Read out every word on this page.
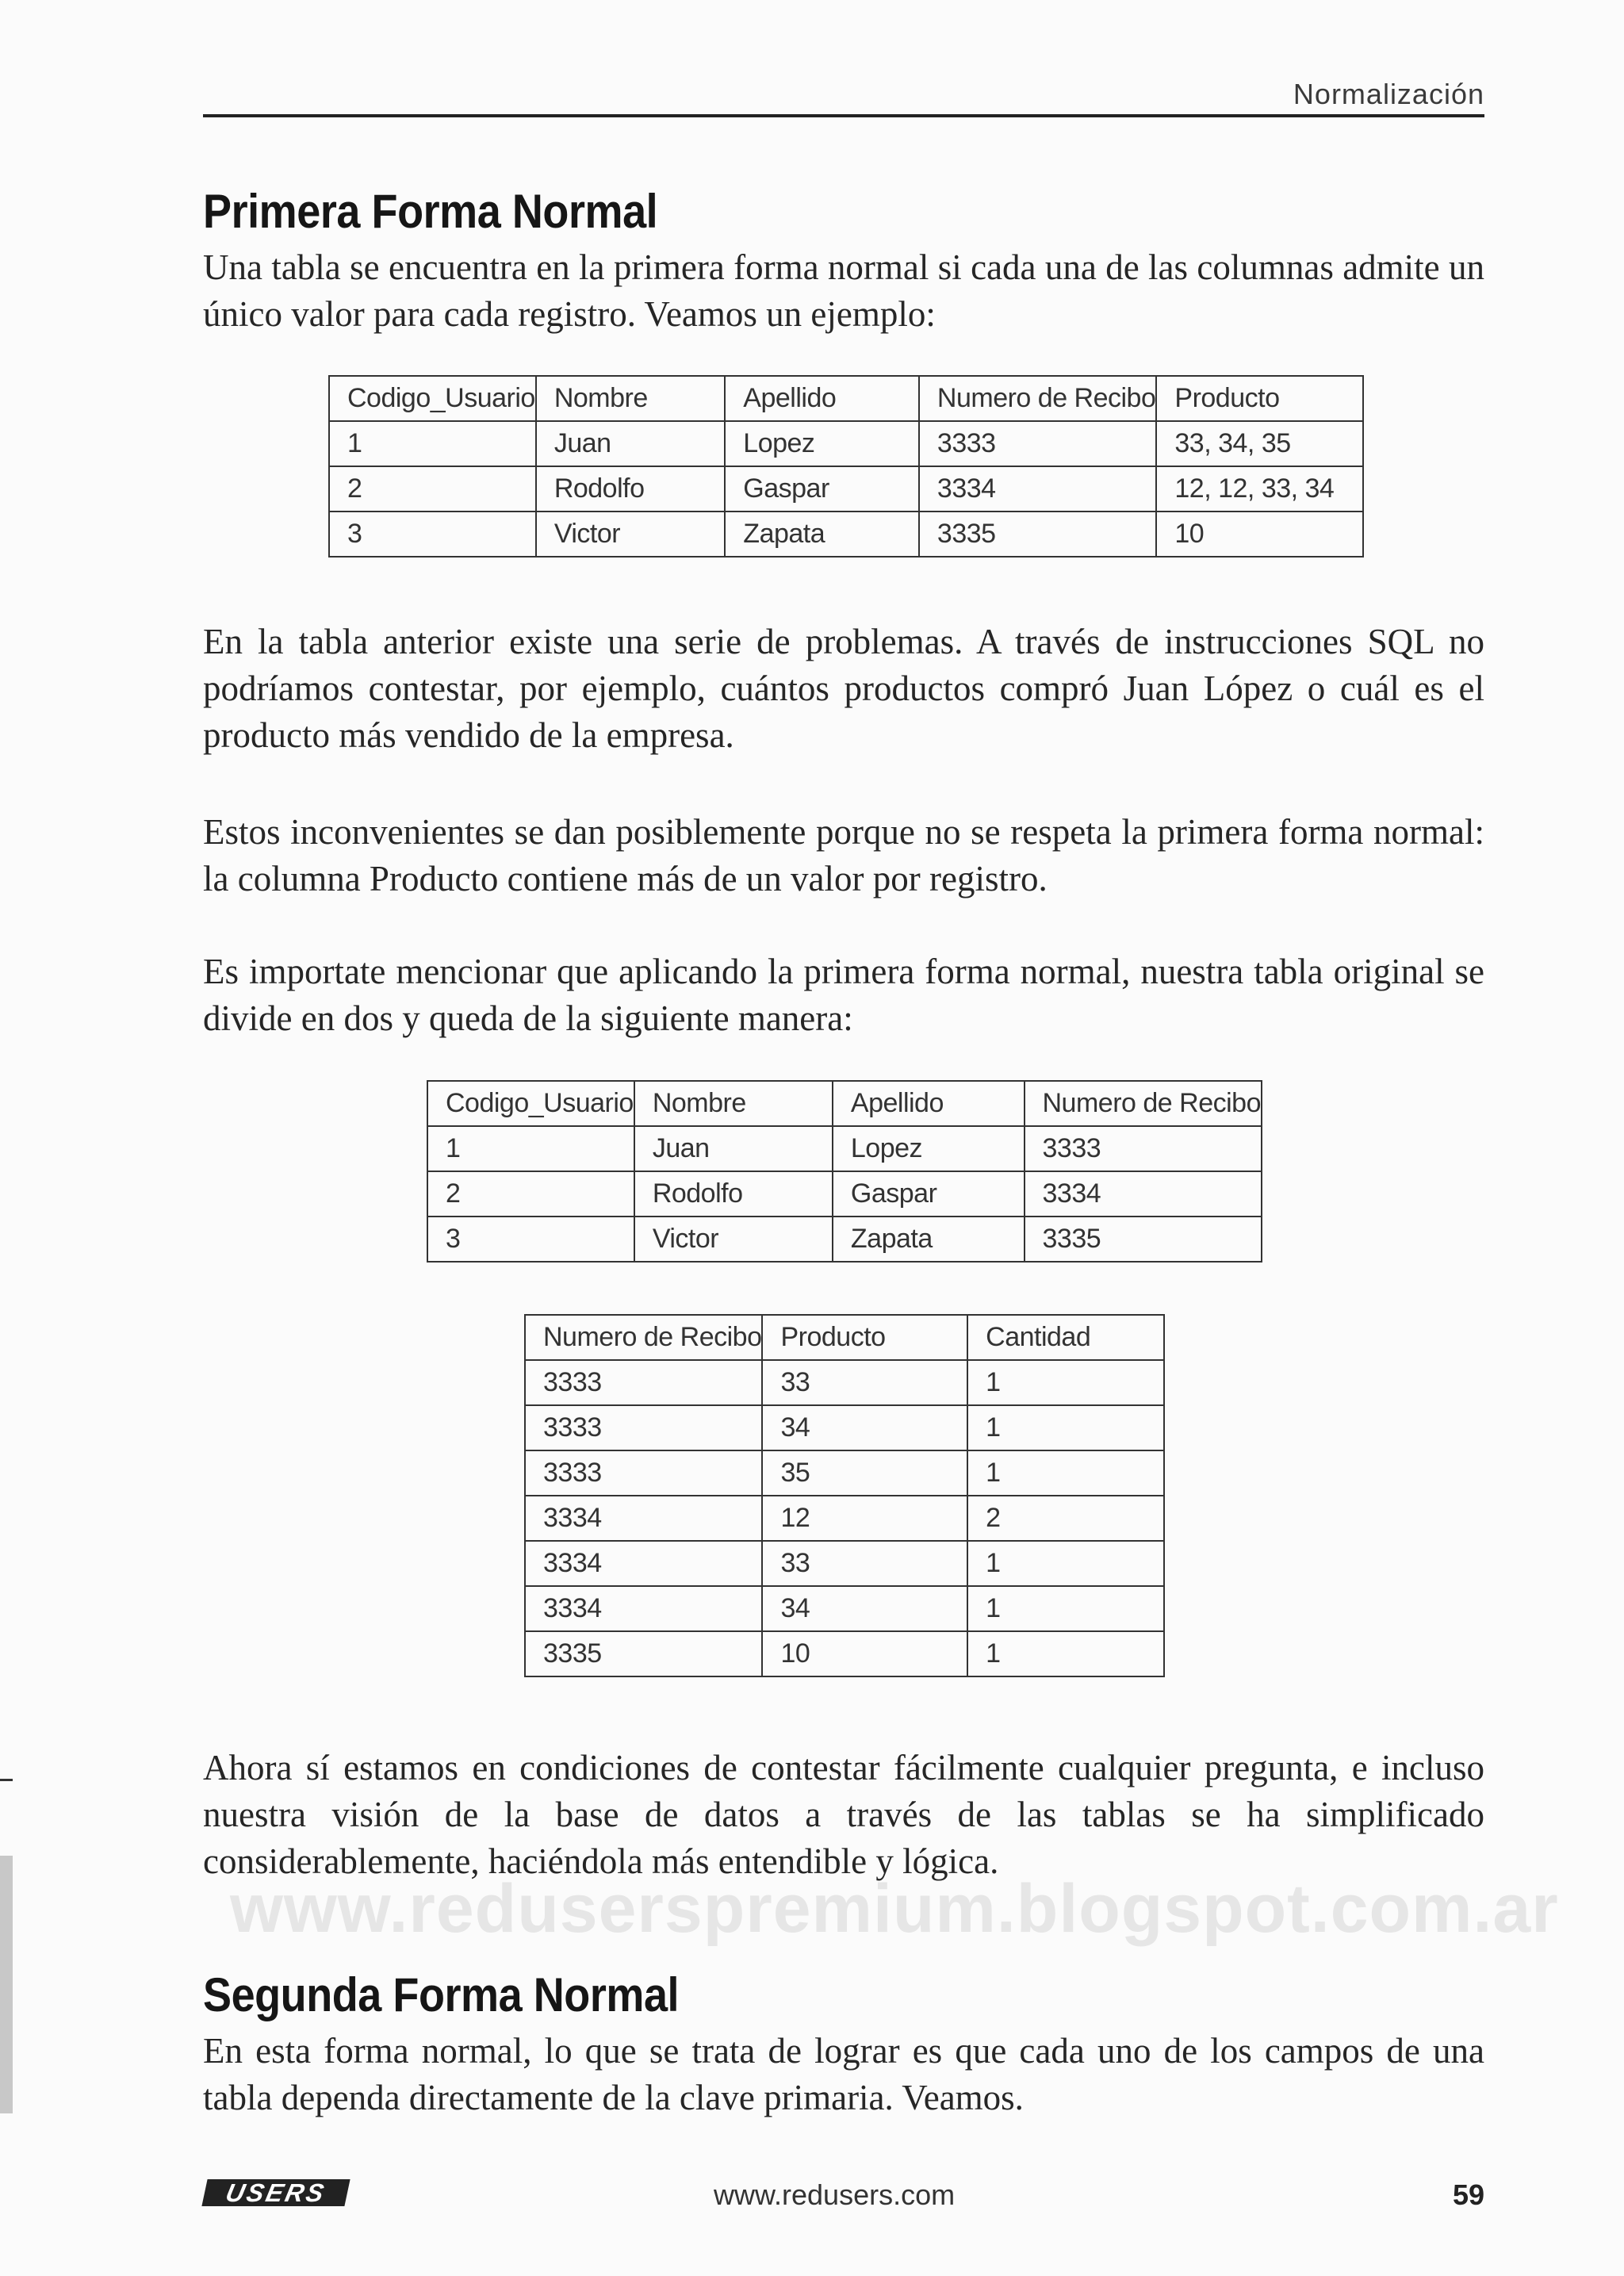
Normalización
Primera Forma Normal
Una tabla se encuentra en la primera forma normal si cada una de las columnas admite un único valor para cada registro. Veamos un ejemplo:
Codigo_Usuario	Nombre	Apellido	Numero de Recibo	Producto
1	Juan	Lopez	3333	33, 34, 35
2	Rodolfo	Gaspar	3334	12, 12, 33, 34
3	Victor	Zapata	3335	10
En la tabla anterior existe una serie de problemas. A través de instrucciones SQL no podríamos contestar, por ejemplo, cuántos productos compró Juan López o cuál es el producto más vendido de la empresa.
Estos inconvenientes se dan posiblemente porque no se respeta la primera forma normal: la columna Producto contiene más de un valor por registro.
Es importate mencionar que aplicando la primera forma normal, nuestra tabla original se divide en dos y queda de la siguiente manera:
Codigo_Usuario	Nombre	Apellido	Numero de Recibo
1	Juan	Lopez	3333
2	Rodolfo	Gaspar	3334
3	Victor	Zapata	3335
Numero de Recibo	Producto	Cantidad
3333	33	1
3333	34	1
3333	35	1
3334	12	2
3334	33	1
3334	34	1
3335	10	1
Ahora sí estamos en condiciones de contestar fácilmente cualquier pregunta, e incluso nuestra visión de la base de datos a través de las tablas se ha simplificado considerablemente, haciéndola más entendible y lógica.
www.reduserspremium.blogspot.com.ar
Segunda Forma Normal
En esta forma normal, lo que se trata de lograr es que cada uno de los campos de una tabla dependa directamente de la clave primaria. Veamos.
USERS	www.redusers.com	59
